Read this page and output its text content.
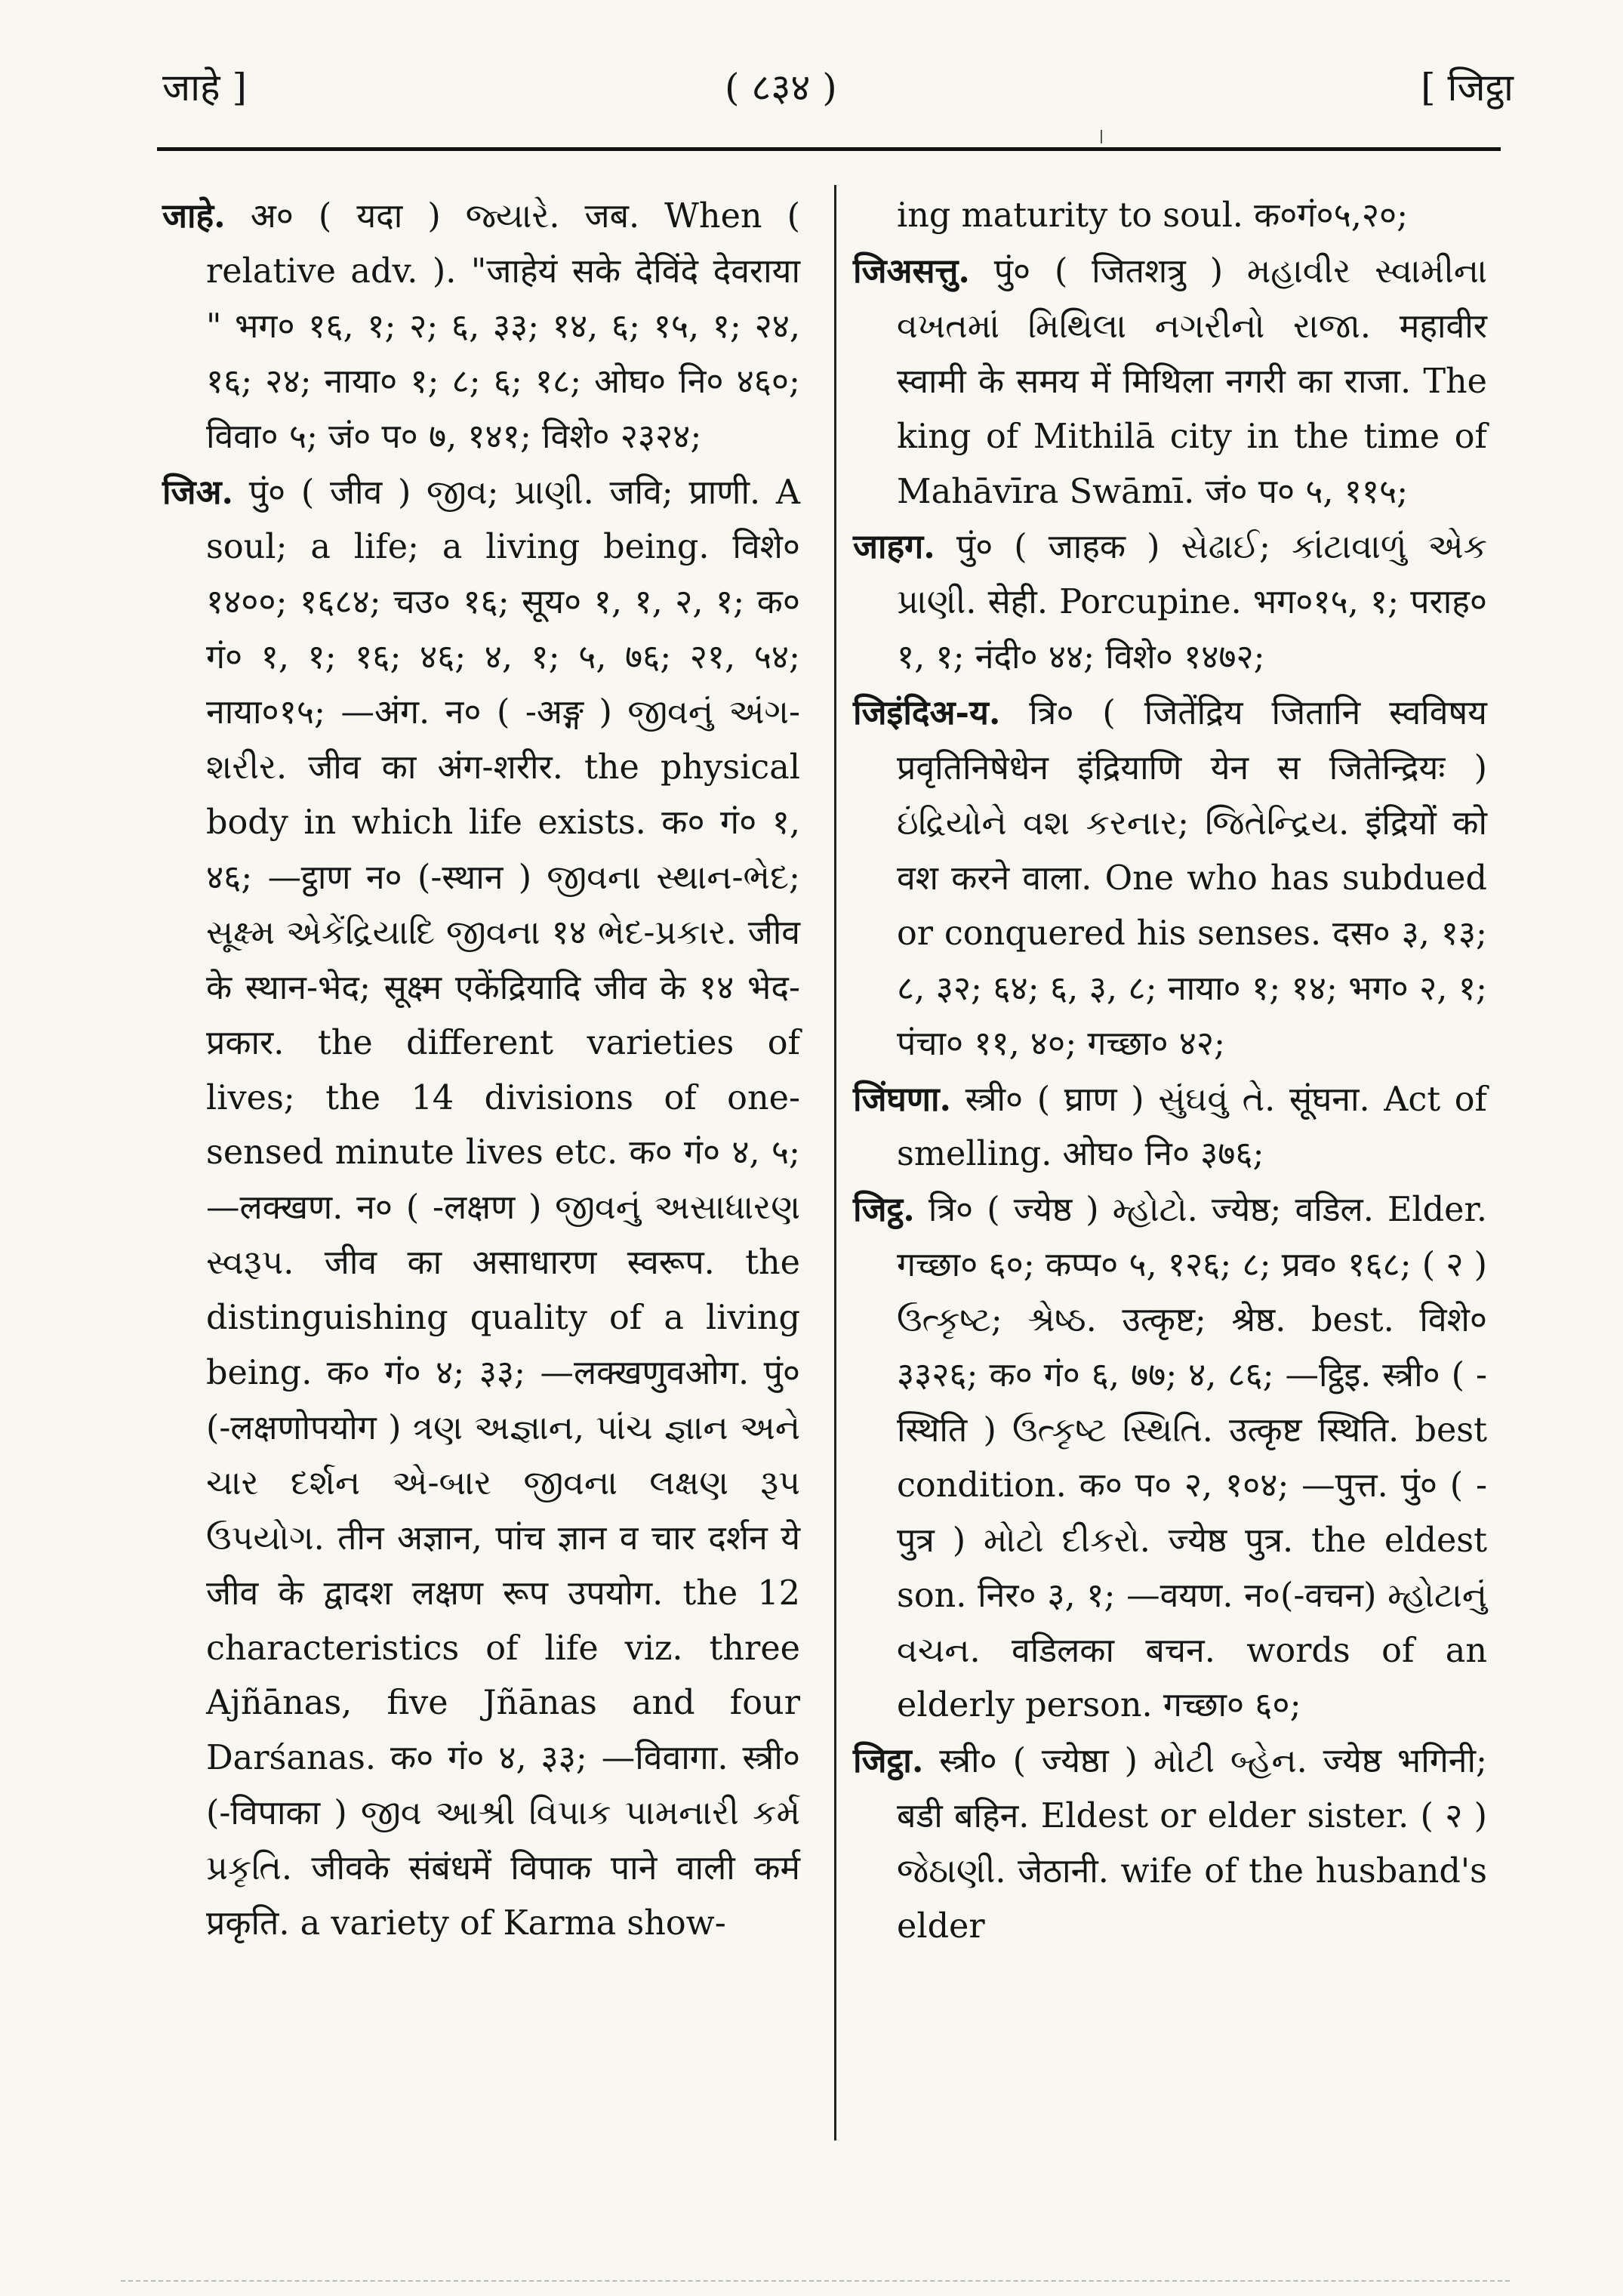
जाहे ]	( ८३४ )	[ जिट्ठा

जाहे. अ० ( यदा ) જ્યારે. जब. When ( relative adv. ). "जाहेयं सके देविंदे देवराया " भग० १६, १; २; ६, ३३; १४, ६; १५, १; २४, १६; २४; नाया० १; ८; ६; १८; ओघ० नि० ४६०; विवा० ५; जं० प० ७, १४१; विशे० २३२४;

जिअ. पुं० ( जीव ) જીવ; પ્રાણી. जवि; प्राणी. A soul; a life; a living being. विशे० १४००; १६८४; चउ० १६; सूय० १, १, २, १; क० गं० १, १; १६; ४६; ४, १; ५, ७६; २१, ५४; नाया०१५; —अंग. न० ( -अङ्ग ) જીવનું અંગ-શરીર. जीव का अंग-शरीर. the physical body in which life exists. क० गं० १, ४६; —ट्ठाण न० (-स्थान ) જીવના સ્થાન-ભેદ; સૂક્ષ્મ એકેંદ્રિયાદિ જીવના १४ ભેદ-પ્રકાર. जीव के स्थान-भेद; सूक्ष्म एकेंद्रियादि जीव के १४ भेद-प्रकार. the different varieties of lives; the 14 divisions of one-sensed minute lives etc. क० गं० ४, ५; —लक्खण. न० ( -लक्षण ) જીવનું અસાધારણ સ્વરૂપ. जीव का असाधारण स्वरूप. the distinguishing quality of a living being. क० गं० ४; ३३; —लक्खणुवओग. पुं० (-लक्षणोपयोग ) ત્રણ અજ્ઞાન, પાંચ જ્ઞાન અને ચાર દર્શન એ-બાર જીવના લક્ષણ રૂપ ઉપયોગ. तीन अज्ञान, पांच ज्ञान व चार दर्शन ये जीव के द्वादश लक्षण रूप उपयोग. the 12 characteristics of life viz. three Ajñānas, five Jñānas and four Darśanas. क० गं० ४, ३३; —विवागा. स्त्री० (-विपाका ) જીવ આશ્રી વિપાક પામનારી કર્મ પ્રકૃતિ. जीवके संबंधमें विपाक पाने वाली कर्म प्रकृति. a variety of Karma show-

ing maturity to soul. क०गं०५,२०;

जिअसत्तु. पुं० ( जितशत्रु ) મહાવીર સ્વામીના વખતમાં મિથિલા નગરીનો રાજા. महावीर स्वामी के समय में मिथिला नगरी का राजा. The king of Mithilā city in the time of Mahāvīra Swāmī. जं० प० ५, ११५;

जाहग. पुं० ( जाहक ) સેઢાઈ; કાંટાવાળું એક પ્રાણી. सेही. Porcupine. भग०१५, १; पराह० १, १; नंदी० ४४; विशे० १४७२;

जिइंदिअ-य. त्रि० ( जितेंद्रिय जितानि स्वविषय प्रवृतिनिषेधेन इंद्रियाणि येन स जितेन्द्रियः ) ઇંદ્રિયોને વશ કરનાર; જિતેન્દ્રિય. इंद्रियों को वश करने वाला. One who has subdued or conquered his senses. दस० ३, १३; ८, ३२; ६४; ६, ३, ८; नाया० १; १४; भग० २, १; पंचा० ११, ४०; गच्छा० ४२;

जिंघणा. स्त्री० ( घ्राण ) સુંઘવું તે. सूंघना. Act of smelling. ओघ० नि० ३७६;

जिट्ठ. त्रि० ( ज्येष्ठ ) મ્હોટો. ज्येष्ठ; वडिल. Elder. गच्छा० ६०; कप्प० ५, १२६; ८; प्रव० १६८; ( २ ) ઉત્કૃષ્ટ; શ્રેષ્ઠ. उत्कृष्ट; श्रेष्ठ. best. विशे० ३३२६; क० गं० ६, ७७; ४, ८६; —ट्ठिइ. स्त्री० ( -स्थिति ) ઉત્કૃષ્ટ સ્થિતિ. उत्कृष्ट स्थिति. best condition. क० प० २, १०४; —पुत्त. पुं० ( -पुत्र ) મોટો દીકરો. ज्येष्ठ पुत्र. the eldest son. निर० ३, १; —वयण. न०(-वचन) મ્હોટાનું વચન. वडिलका बचन. words of an elderly person. गच्छा० ६०;

जिट्ठा. स्त्री० ( ज्येष्ठा ) મોટી બ્હેન. ज्येष्ठ भगिनी; बडी बहिन. Eldest or elder sister. ( २ ) જેઠાણી. जेठानी. wife of the husband's elder
